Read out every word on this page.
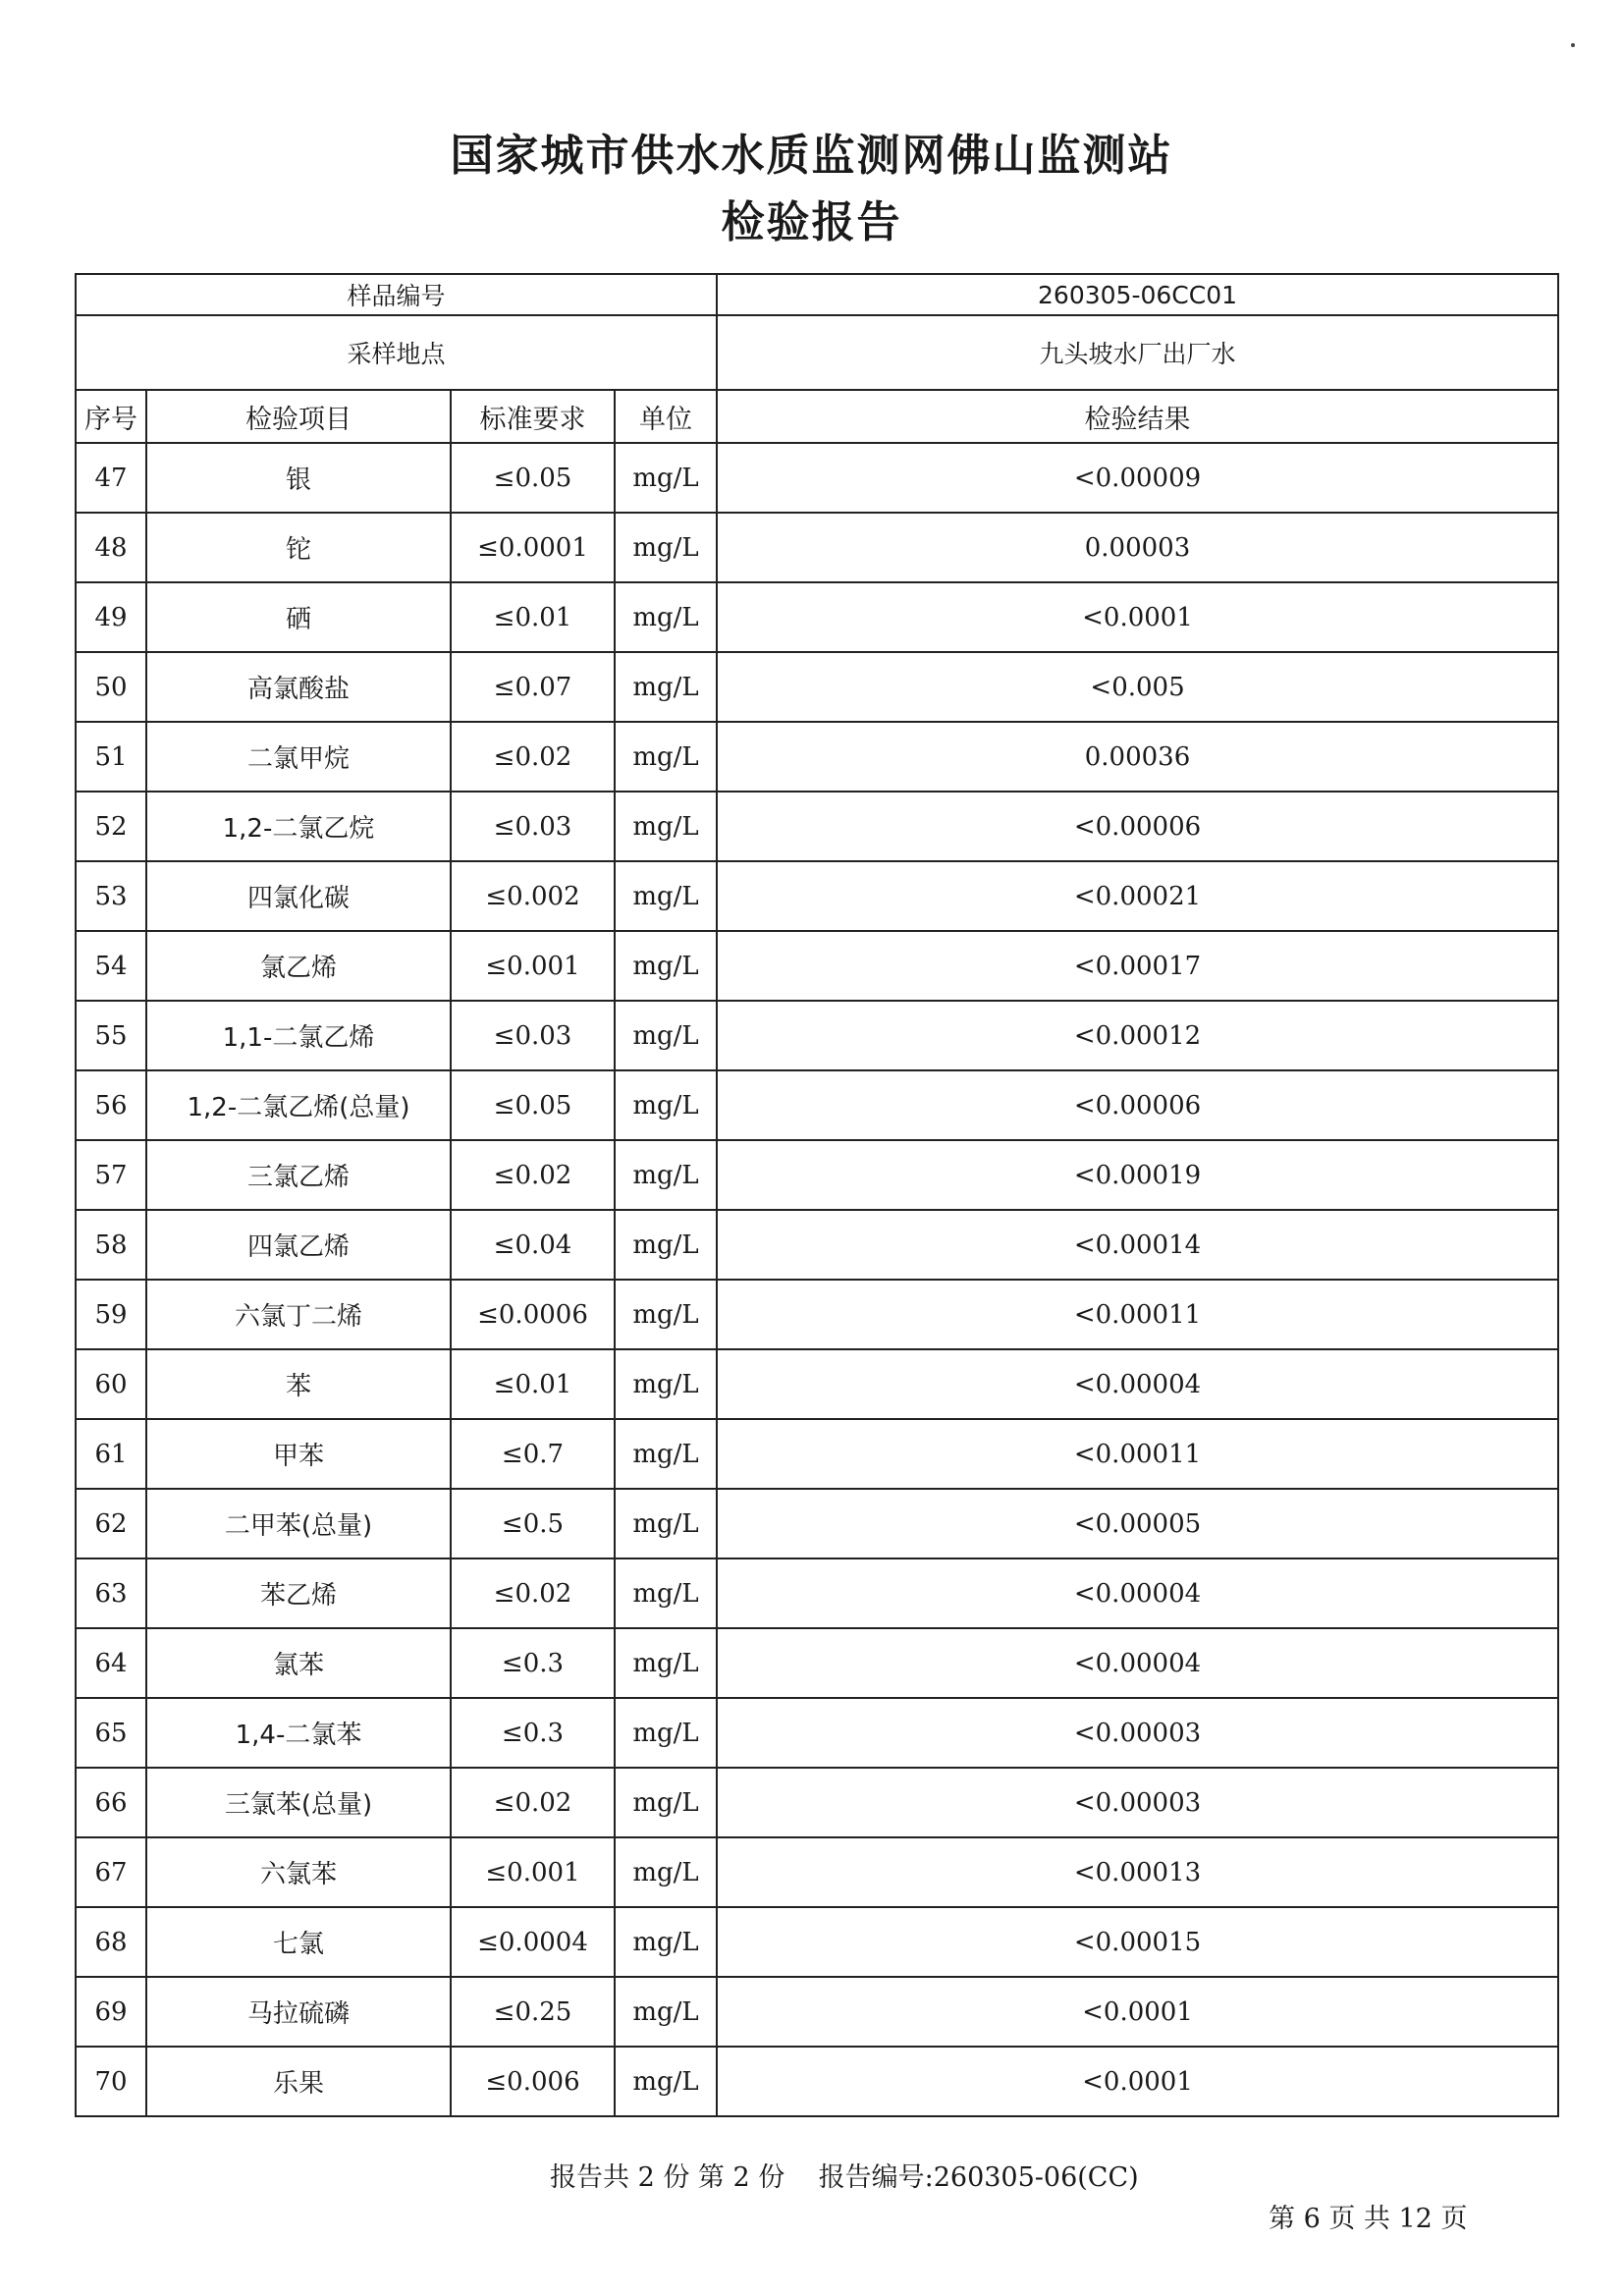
国家城市供水水质监测网佛山监测站
检验报告
样品编号				260305-06CC01
采样地点				九头坡水厂出厂水
序号	检验项目	标准要求	单位	检验结果
47	银	≤0.05	mg/L	<0.00009
48	铊	≤0.0001	mg/L	0.00003
49	硒	≤0.01	mg/L	<0.0001
50	高氯酸盐	≤0.07	mg/L	<0.005
51	二氯甲烷	≤0.02	mg/L	0.00036
52	1,2-二氯乙烷	≤0.03	mg/L	<0.00006
53	四氯化碳	≤0.002	mg/L	<0.00021
54	氯乙烯	≤0.001	mg/L	<0.00017
55	1,1-二氯乙烯	≤0.03	mg/L	<0.00012
56	1,2-二氯乙烯(总量)	≤0.05	mg/L	<0.00006
57	三氯乙烯	≤0.02	mg/L	<0.00019
58	四氯乙烯	≤0.04	mg/L	<0.00014
59	六氯丁二烯	≤0.0006	mg/L	<0.00011
60	苯	≤0.01	mg/L	<0.00004
61	甲苯	≤0.7	mg/L	<0.00011
62	二甲苯(总量)	≤0.5	mg/L	<0.00005
63	苯乙烯	≤0.02	mg/L	<0.00004
64	氯苯	≤0.3	mg/L	<0.00004
65	1,4-二氯苯	≤0.3	mg/L	<0.00003
66	三氯苯(总量)	≤0.02	mg/L	<0.00003
67	六氯苯	≤0.001	mg/L	<0.00013
68	七氯	≤0.0004	mg/L	<0.00015
69	马拉硫磷	≤0.25	mg/L	<0.0001
70	乐果	≤0.006	mg/L	<0.0001
报告共 2 份 第 2 份 报告编号:260305-06(CC)
第 6 页 共 12 页
